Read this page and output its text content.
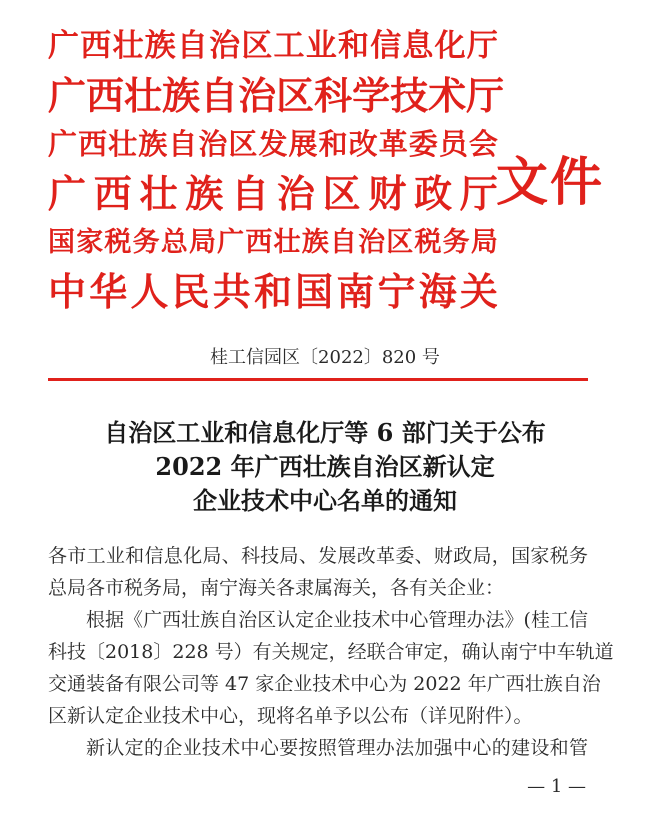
广 西 壮 族 自 治 区 工 业 和 信 息 化 厅
广 西 壮 族 自 治 区 科 学 技 术 厅
广 西 壮 族 自 治 区 发 展 和 改 革 委 员 会
广 西 壮 族 自 治 区 财 政 厅
国 家 税 务 总 局 广 西 壮 族 自 治 区 税 务 局
中 华 人 民 共 和 国 南 宁 海 关
文件
桂工信园区〔2022〕820 号
自治区工业和信息化厅等 6 部门关于公布
2022 年广西壮族自治区新认定
企业技术中心名单的通知
各市工业和信息化局、科技局、发展改革委、财政局，国家税务
总局各市税务局，南宁海关各隶属海关，各有关企业：
根据《广西壮族自治区认定企业技术中心管理办法》(桂工信
科技〔2018〕228 号）有关规定，经联合审定，确认南宁中车轨道
交通装备有限公司等 47 家企业技术中心为 2022 年广西壮族自治
区新认定企业技术中心，现将名单予以公布（详见附件）。
新认定的企业技术中心要按照管理办法加强中心的建设和管
— 1 —
